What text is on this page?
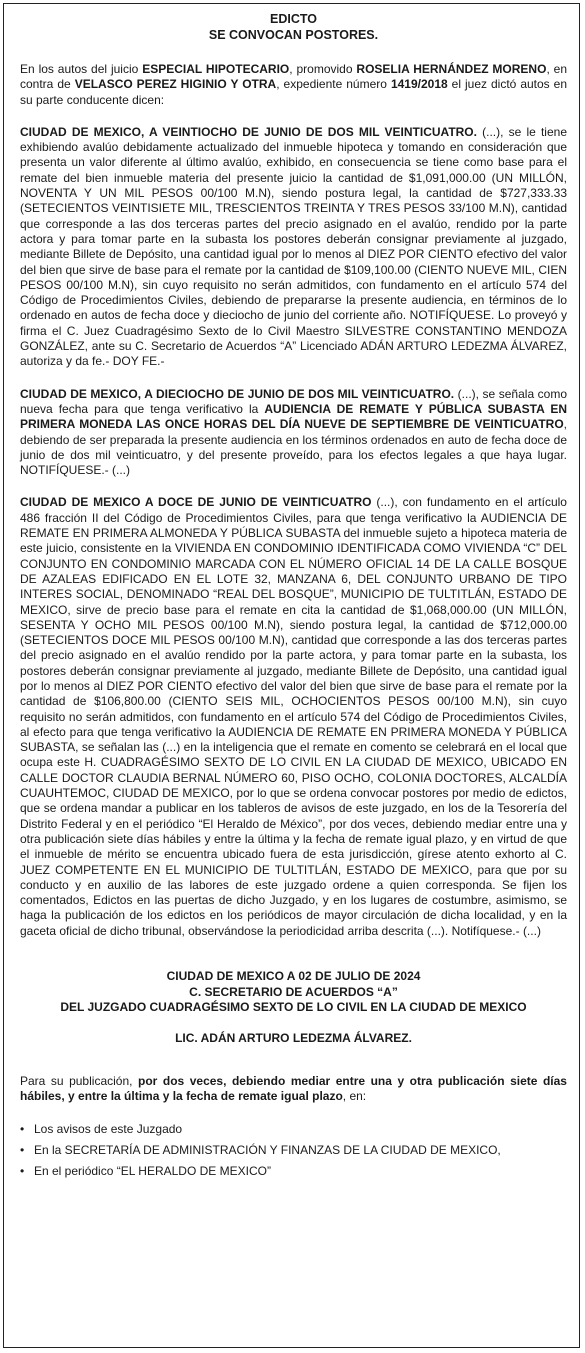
EDICTO
SE CONVOCAN POSTORES.

En los autos del juicio ESPECIAL HIPOTECARIO, promovido ROSELIA HERNÁNDEZ MORENO, en contra de VELASCO PEREZ HIGINIO Y OTRA, expediente número 1419/2018 el juez dictó autos en su parte conducente dicen:

CIUDAD DE MEXICO, A VEINTIOCHO DE JUNIO DE DOS MIL VEINTICUATRO. (...), se le tiene exhibiendo avalúo debidamente actualizado del inmueble hipoteca y tomando en consideración que presenta un valor diferente al último avalúo, exhibido, en consecuencia se tiene como base para el remate del bien inmueble materia del presente juicio la cantidad de $1,091,000.00 (UN MILLÓN, NOVENTA Y UN MIL PESOS 00/100 M.N), siendo postura legal, la cantidad de $727,333.33 (SETECIENTOS VEINTISIETE MIL, TRESCIENTOS TREINTA Y TRES PESOS 33/100 M.N), cantidad que corresponde a las dos terceras partes del precio asignado en el avalúo, rendido por la parte actora y para tomar parte en la subasta los postores deberán consignar previamente al juzgado, mediante Billete de Depósito, una cantidad igual por lo menos al DIEZ POR CIENTO efectivo del valor del bien que sirve de base para el remate por la cantidad de $109,100.00 (CIENTO NUEVE MIL, CIEN PESOS 00/100 M.N), sin cuyo requisito no serán admitidos, con fundamento en el artículo 574 del Código de Procedimientos Civiles, debiendo de prepararse la presente audiencia, en términos de lo ordenado en autos de fecha doce y dieciocho de junio del corriente año. NOTIFÍQUESE. Lo proveyó y firma el C. Juez Cuadragésimo Sexto de lo Civil Maestro SILVESTRE CONSTANTINO MENDOZA GONZÁLEZ, ante su C. Secretario de Acuerdos “A” Licenciado ADÁN ARTURO LEDEZMA ÁLVAREZ, autoriza y da fe.- DOY FE.-

CIUDAD DE MEXICO, A DIECIOCHO DE JUNIO DE DOS MIL VEINTICUATRO. (...), se señala como nueva fecha para que tenga verificativo la AUDIENCIA DE REMATE Y PÚBLICA SUBASTA EN PRIMERA MONEDA LAS ONCE HORAS DEL DÍA NUEVE DE SEPTIEMBRE DE VEINTICUATRO, debiendo de ser preparada la presente audiencia en los términos ordenados en auto de fecha doce de junio de dos mil veinticuatro, y del presente proveído, para los efectos legales a que haya lugar. NOTIFÍQUESE.- (...)

CIUDAD DE MEXICO A DOCE DE JUNIO DE VEINTICUATRO (...), con fundamento en el artículo 486 fracción II del Código de Procedimientos Civiles, para que tenga verificativo la AUDIENCIA DE REMATE EN PRIMERA ALMONEDA Y PÚBLICA SUBASTA del inmueble sujeto a hipoteca materia de este juicio, consistente en la VIVIENDA EN CONDOMINIO IDENTIFICADA COMO VIVIENDA “C” DEL CONJUNTO EN CONDOMINIO MARCADA CON EL NÚMERO OFICIAL 14 DE LA CALLE BOSQUE DE AZALEAS EDIFICADO EN EL LOTE 32, MANZANA 6, DEL CONJUNTO URBANO DE TIPO INTERES SOCIAL, DENOMINADO “REAL DEL BOSQUE”, MUNICIPIO DE TULTITLÁN, ESTADO DE MEXICO, sirve de precio base para el remate en cita la cantidad de $1,068,000.00 (UN MILLÓN, SESENTA Y OCHO MIL PESOS 00/100 M.N), siendo postura legal, la cantidad de $712,000.00 (SETECIENTOS DOCE MIL PESOS 00/100 M.N), cantidad que corresponde a las dos terceras partes del precio asignado en el avalúo rendido por la parte actora, y para tomar parte en la subasta, los postores deberán consignar previamente al juzgado, mediante Billete de Depósito, una cantidad igual por lo menos al DIEZ POR CIENTO efectivo del valor del bien que sirve de base para el remate por la cantidad de $106,800.00 (CIENTO SEIS MIL, OCHOCIENTOS PESOS 00/100 M.N), sin cuyo requisito no serán admitidos, con fundamento en el artículo 574 del Código de Procedimientos Civiles, al efecto para que tenga verificativo la AUDIENCIA DE REMATE EN PRIMERA MONEDA Y PÚBLICA SUBASTA, se señalan las (...) en la inteligencia que el remate en comento se celebrará en el local que ocupa este H. CUADRAGÉSIMO SEXTO DE LO CIVIL EN LA CIUDAD DE MEXICO, UBICADO EN CALLE DOCTOR CLAUDIA BERNAL NÚMERO 60, PISO OCHO, COLONIA DOCTORES, ALCALDÍA CUAUHTEMOC, CIUDAD DE MEXICO, por lo que se ordena convocar postores por medio de edictos, que se ordena mandar a publicar en los tableros de avisos de este juzgado, en los de la Tesorería del Distrito Federal y en el periódico “El Heraldo de México”, por dos veces, debiendo mediar entre una y otra publicación siete días hábiles y entre la última y la fecha de remate igual plazo, y en virtud de que el inmueble de mérito se encuentra ubicado fuera de esta jurisdicción, gírese atento exhorto al C. JUEZ COMPETENTE EN EL MUNICIPIO DE TULTITLÁN, ESTADO DE MEXICO, para que por su conducto y en auxilio de las labores de este juzgado ordene a quien corresponda. Se fijen los comentados, Edictos en las puertas de dicho Juzgado, y en los lugares de costumbre, asimismo, se haga la publicación de los edictos en los periódicos de mayor circulación de dicha localidad, y en la gaceta oficial de dicho tribunal, observándose la periodicidad arriba descrita (...). Notifíquese.- (...)

CIUDAD DE MEXICO A 02 DE JULIO DE 2024
C. SECRETARIO DE ACUERDOS “A”
DEL JUZGADO CUADRAGÉSIMO SEXTO DE LO CIVIL EN LA CIUDAD DE MEXICO
LIC. ADÁN ARTURO LEDEZMA ÁLVAREZ.

Para su publicación, por dos veces, debiendo mediar entre una y otra publicación siete días hábiles, y entre la última y la fecha de remate igual plazo, en:

• Los avisos de este Juzgado
• En la SECRETARÍA DE ADMINISTRACIÓN Y FINANZAS DE LA CIUDAD DE MEXICO,
• En el periódico “EL HERALDO DE MEXICO”
